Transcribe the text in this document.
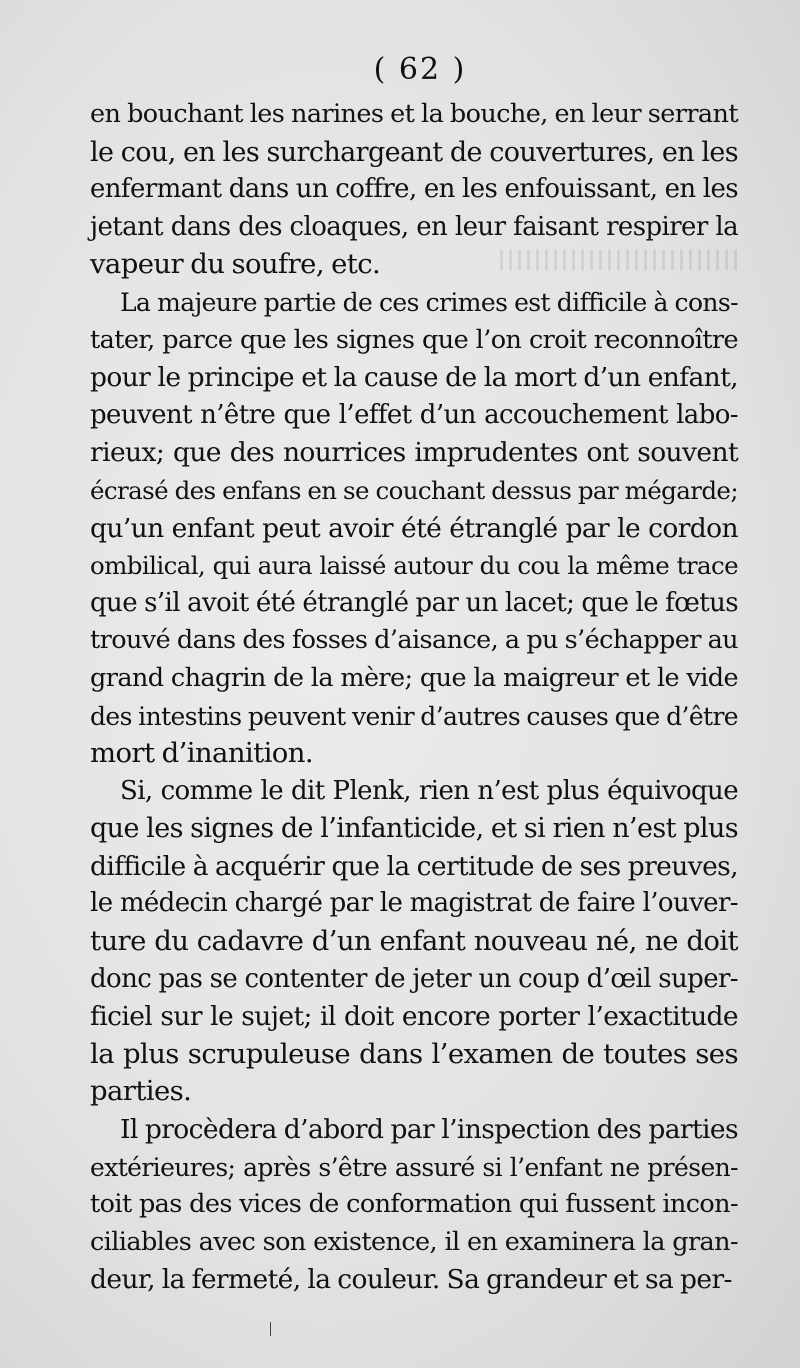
( 62 )
en bouchant les narines et la bouche, en leur serrant
le cou, en les surchargeant de couvertures, en les
enfermant dans un coffre, en les enfouissant, en les
jetant dans des cloaques, en leur faisant respirer la
vapeur du soufre, etc.
La majeure partie de ces crimes est difficile à cons-
tater, parce que les signes que l’on croit reconnoître
pour le principe et la cause de la mort d’un enfant,
peuvent n’être que l’effet d’un accouchement labo-
rieux; que des nourrices imprudentes ont souvent
écrasé des enfans en se couchant dessus par mégarde;
qu’un enfant peut avoir été étranglé par le cordon
ombilical, qui aura laissé autour du cou la même trace
que s’il avoit été étranglé par un lacet; que le fœtus
trouvé dans des fosses d’aisance, a pu s’échapper au
grand chagrin de la mère; que la maigreur et le vide
des intestins peuvent venir d’autres causes que d’être
mort d’inanition.
Si, comme le dit Plenk, rien n’est plus équivoque
que les signes de l’infanticide, et si rien n’est plus
difficile à acquérir que la certitude de ses preuves,
le médecin chargé par le magistrat de faire l’ouver-
ture du cadavre d’un enfant nouveau né, ne doit
donc pas se contenter de jeter un coup d’œil super-
ficiel sur le sujet; il doit encore porter l’exactitude
la plus scrupuleuse dans l’examen de toutes ses
parties.
Il procèdera d’abord par l’inspection des parties
extérieures; après s’être assuré si l’enfant ne présen-
toit pas des vices de conformation qui fussent incon-
ciliables avec son existence, il en examinera la gran-
deur, la fermeté, la couleur. Sa grandeur et sa per-
